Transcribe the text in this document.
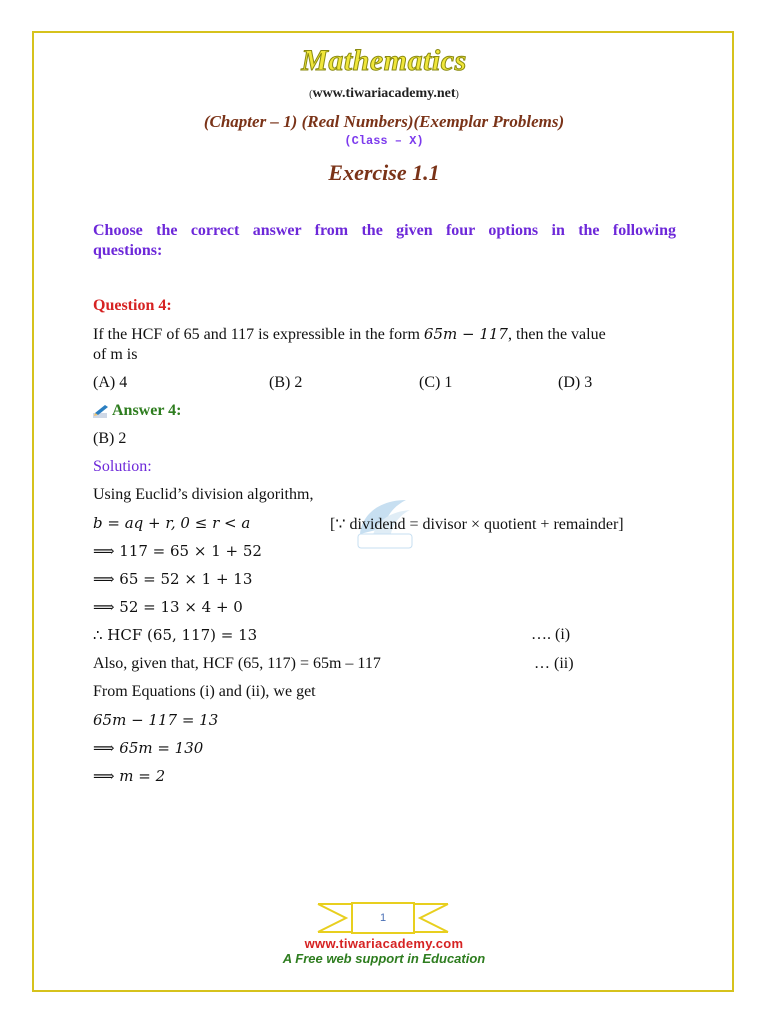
Mathematics
(www.tiwariacademy.net)
(Chapter – 1) (Real Numbers)(Exemplar Problems)
(Class – X)
Exercise 1.1
Choose the correct answer from the given four options in the following
questions:
Question 4:
If the HCF of 65 and 117 is expressible in the form 65m − 117, then the value
of m is
(A) 4	(B) 2	(C) 1	(D) 3
Answer 4:
(B) 2
Solution:
Using Euclid’s division algorithm,
b = aq + r, 0 ≤ r < a	[∵ dividend = divisor × quotient + remainder]
⟹ 117 = 65 × 1 + 52
⟹ 65 = 52 × 1 + 13
⟹ 52 = 13 × 4 + 0
∴ HCF (65, 117) = 13	…. (i)
Also, given that, HCF (65, 117) = 65m – 117	… (ii)
From Equations (i) and (ii), we get
65m − 117 = 13
⟹ 65m = 130
⟹ m = 2
1
www.tiwariacademy.com
A Free web support in Education
